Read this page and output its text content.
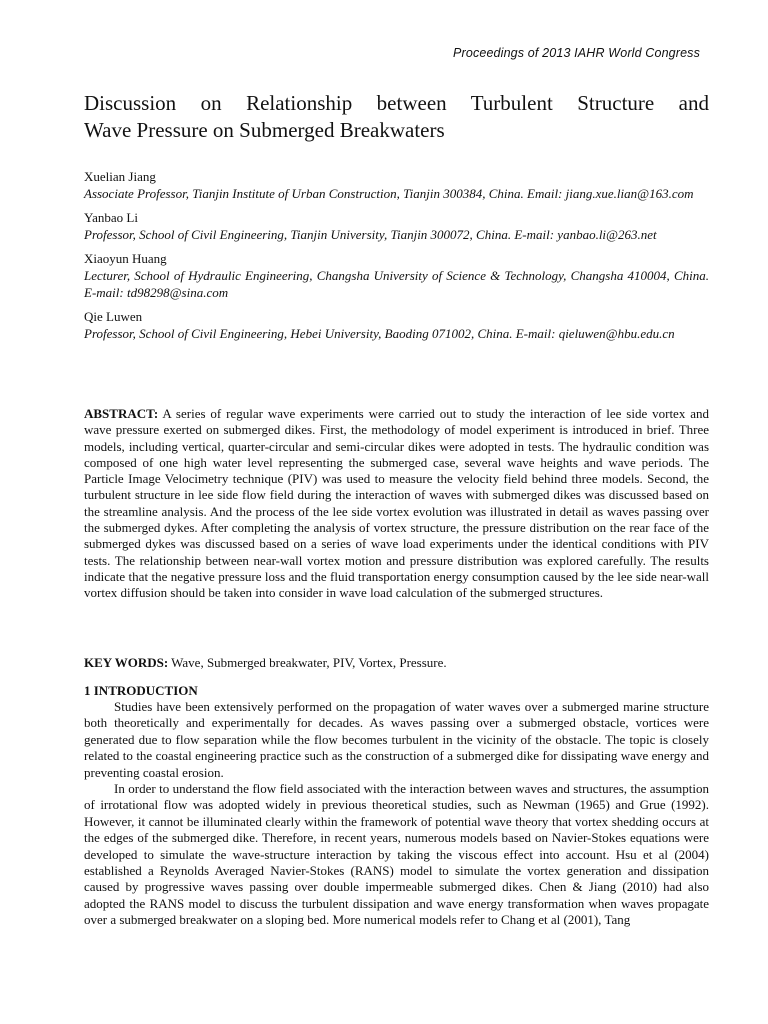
Proceedings of 2013 IAHR World Congress
Discussion on Relationship between Turbulent Structure and
Wave Pressure on Submerged Breakwaters
Xuelian Jiang
Associate Professor, Tianjin Institute of Urban Construction, Tianjin 300384, China. Email: jiang.xue.lian@163.com
Yanbao Li
Professor, School of Civil Engineering, Tianjin University, Tianjin 300072, China. E-mail: yanbao.li@263.net
Xiaoyun Huang
Lecturer, School of Hydraulic Engineering, Changsha University of Science & Technology, Changsha 410004, China. E-mail: td98298@sina.com
Qie Luwen
Professor, School of Civil Engineering, Hebei University, Baoding 071002, China. E-mail: qieluwen@hbu.edu.cn
ABSTRACT: A series of regular wave experiments were carried out to study the interaction of lee side vortex and wave pressure exerted on submerged dikes. First, the methodology of model experiment is introduced in brief. Three models, including vertical, quarter-circular and semi-circular dikes were adopted in tests. The hydraulic condition was composed of one high water level representing the submerged case, several wave heights and wave periods. The Particle Image Velocimetry technique (PIV) was used to measure the velocity field behind three models. Second, the turbulent structure in lee side flow field during the interaction of waves with submerged dikes was discussed based on the streamline analysis. And the process of the lee side vortex evolution was illustrated in detail as waves passing over the submerged dykes. After completing the analysis of vortex structure, the pressure distribution on the rear face of the submerged dykes was discussed based on a series of wave load experiments under the identical conditions with PIV tests. The relationship between near-wall vortex motion and pressure distribution was explored carefully. The results indicate that the negative pressure loss and the fluid transportation energy consumption caused by the lee side near-wall vortex diffusion should be taken into consider in wave load calculation of the submerged structures.
KEY WORDS: Wave, Submerged breakwater, PIV, Vortex, Pressure.
1 INTRODUCTION

Studies have been extensively performed on the propagation of water waves over a submerged marine structure both theoretically and experimentally for decades. As waves passing over a submerged obstacle, vortices were generated due to flow separation while the flow becomes turbulent in the vicinity of the obstacle. The topic is closely related to the coastal engineering practice such as the construction of a submerged dike for dissipating wave energy and preventing coastal erosion.

In order to understand the flow field associated with the interaction between waves and structures, the assumption of irrotational flow was adopted widely in previous theoretical studies, such as Newman (1965) and Grue (1992). However, it cannot be illuminated clearly within the framework of potential wave theory that vortex shedding occurs at the edges of the submerged dike. Therefore, in recent years, numerous models based on Navier-Stokes equations were developed to simulate the wave-structure interaction by taking the viscous effect into account. Hsu et al (2004) established a Reynolds Averaged Navier-Stokes (RANS) model to simulate the vortex generation and dissipation caused by progressive waves passing over double impermeable submerged dikes. Chen & Jiang (2010) had also adopted the RANS model to discuss the turbulent dissipation and wave energy transformation when waves propagate over a submerged breakwater on a sloping bed. More numerical models refer to Chang et al (2001), Tang
